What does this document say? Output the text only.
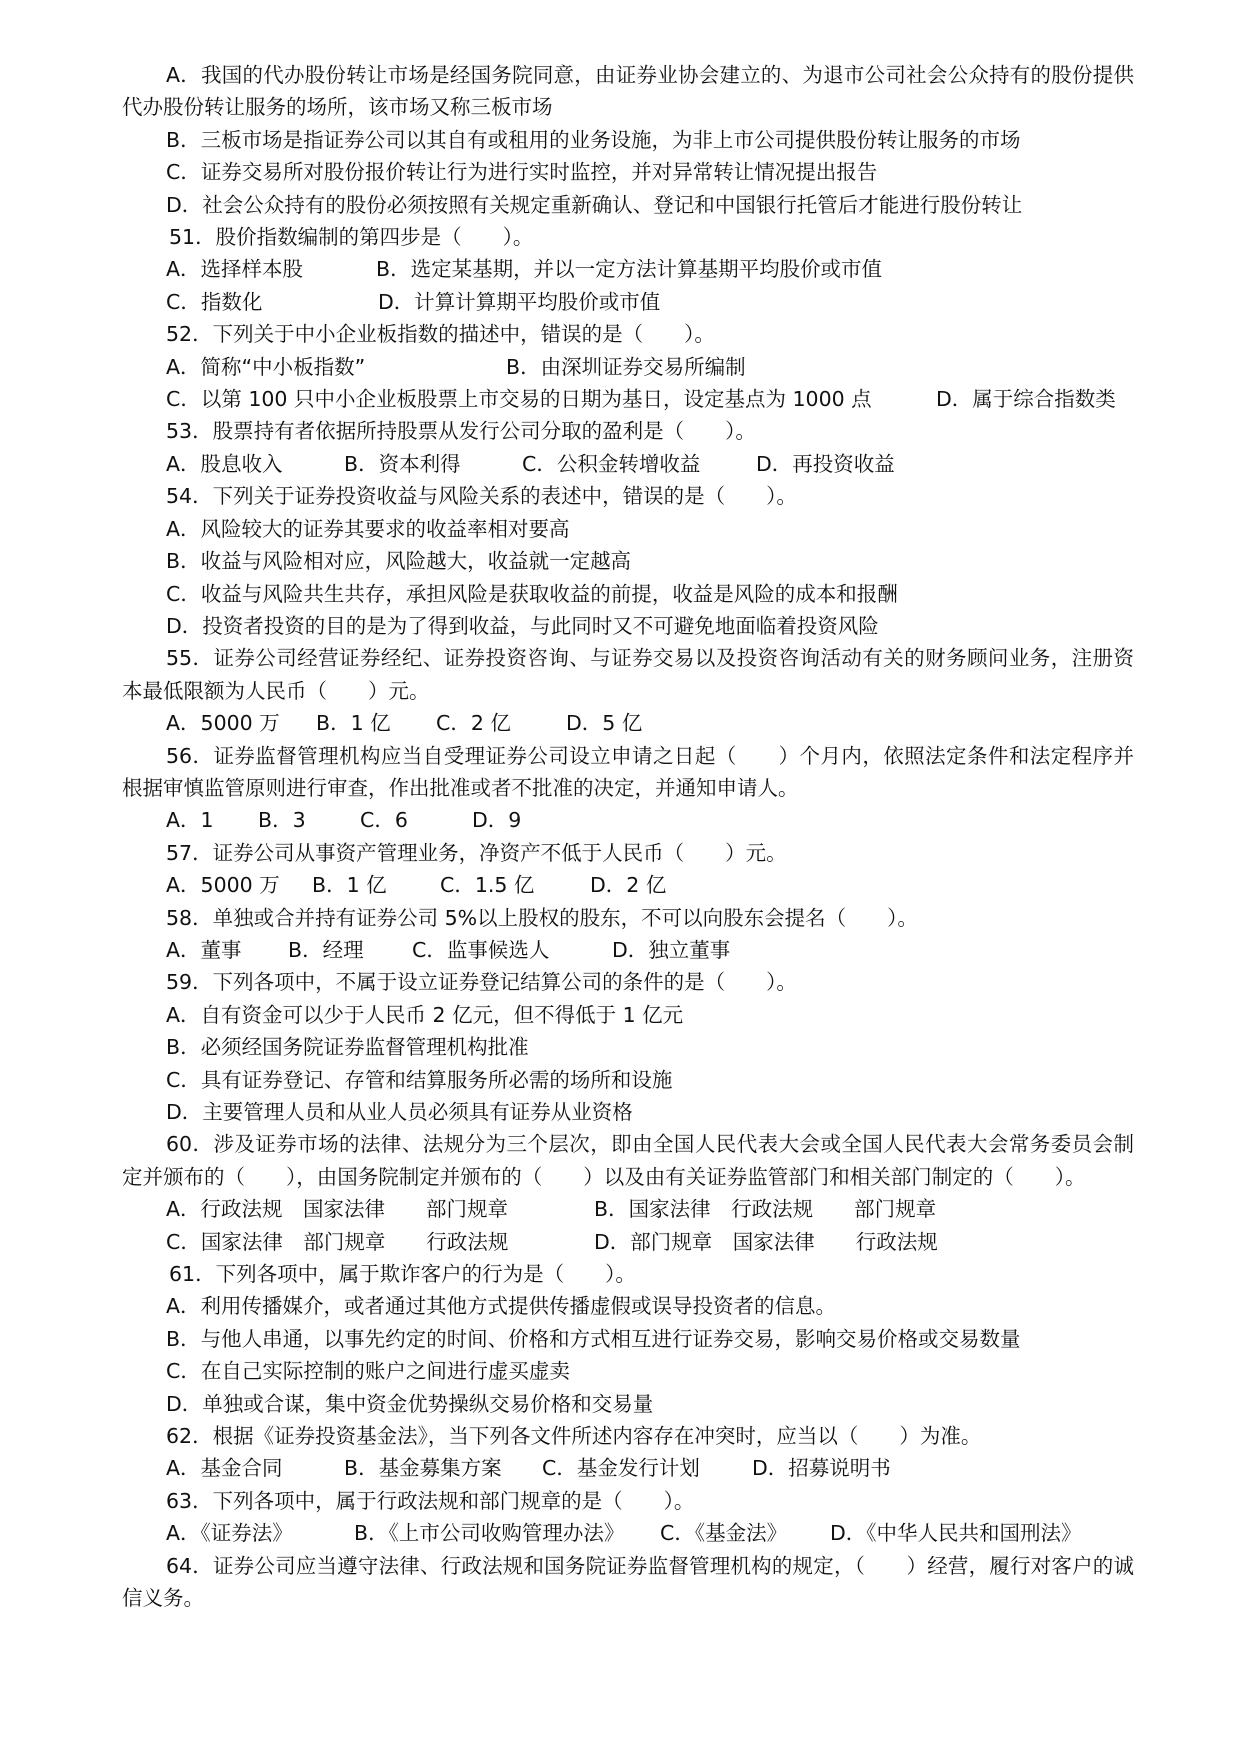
A．我国的代办股份转让市场是经国务院同意，由证券业协会建立的、为退市公司社会公众持有的股份提供代办股份转让服务的场所，该市场又称三板市场
B．三板市场是指证券公司以其自有或租用的业务设施，为非上市公司提供股份转让服务的市场
C．证券交易所对股份报价转让行为进行实时监控，并对异常转让情况提出报告
D．社会公众持有的股份必须按照有关规定重新确认、登记和中国银行托管后才能进行股份转让
51．股价指数编制的第四步是（　　）。
A．选择样本股	B．选定某基期，并以一定方法计算基期平均股价或市值
C．指数化	D．计算计算期平均股价或市值
52．下列关于中小企业板指数的描述中，错误的是（　　）。
A．简称“中小板指数”	B．由深圳证券交易所编制
C．以第 100 只中小企业板股票上市交易的日期为基日，设定基点为 1000 点	D．属于综合指数类
53．股票持有者依据所持股票从发行公司分取的盈利是（　　）。
A．股息收入	B．资本利得	C．公积金转增收益	D．再投资收益
54．下列关于证券投资收益与风险关系的表述中，错误的是（　　）。
A．风险较大的证券其要求的收益率相对要高
B．收益与风险相对应，风险越大，收益就一定越高
C．收益与风险共生共存，承担风险是获取收益的前提，收益是风险的成本和报酬
D．投资者投资的目的是为了得到收益，与此同时又不可避免地面临着投资风险
55．证券公司经营证券经纪、证券投资咨询、与证券交易以及投资咨询活动有关的财务顾问业务，注册资本最低限额为人民币（　　）元。
A．5000 万 B．1 亿 C．2 亿	D．5 亿
56．证券监督管理机构应当自受理证券公司设立申请之日起（　　）个月内，依照法定条件和法定程序并根据审慎监管原则进行审查，作出批准或者不批准的决定，并通知申请人。
A．1 B．3	C．6	D．9
57．证券公司从事资产管理业务，净资产不低于人民币（　　）元。
A．5000 万 B．1 亿	C．1.5 亿	D．2 亿
58．单独或合并持有证券公司 5%以上股权的股东，不可以向股东会提名（　　）。
A．董事 B．经理 C．监事候选人	D．独立董事
59．下列各项中，不属于设立证券登记结算公司的条件的是（　　）。
A．自有资金可以少于人民币 2 亿元，但不得低于 1 亿元
B．必须经国务院证券监督管理机构批准
C．具有证券登记、存管和结算服务所必需的场所和设施
D．主要管理人员和从业人员必须具有证券从业资格
60．涉及证券市场的法律、法规分为三个层次，即由全国人民代表大会或全国人民代表大会常务委员会制定并颁布的（　　），由国务院制定并颁布的（　　）以及由有关证券监管部门和相关部门制定的（　　）。
A．行政法规　国家法律　　部门规章	B．国家法律　行政法规　　部门规章
C．国家法律　部门规章　　行政法规	D．部门规章　国家法律　　行政法规
61．下列各项中，属于欺诈客户的行为是（　　）。
A．利用传播媒介，或者通过其他方式提供传播虚假或误导投资者的信息。
B．与他人串通，以事先约定的时间、价格和方式相互进行证券交易，影响交易价格或交易数量
C．在自己实际控制的账户之间进行虚买虚卖
D．单独或合谋，集中资金优势操纵交易价格和交易量
62．根据《证券投资基金法》，当下列各文件所述内容存在冲突时，应当以（　　）为准。
A．基金合同	B．基金募集方案 C．基金发行计划	D．招募说明书
63．下列各项中，属于行政法规和部门规章的是（　　）。
A．《证券法》	B．《上市公司收购管理办法》 C．《基金法》 D．《中华人民共和国刑法》
64．证券公司应当遵守法律、行政法规和国务院证券监督管理机构的规定，（　　）经营，履行对客户的诚信义务。
